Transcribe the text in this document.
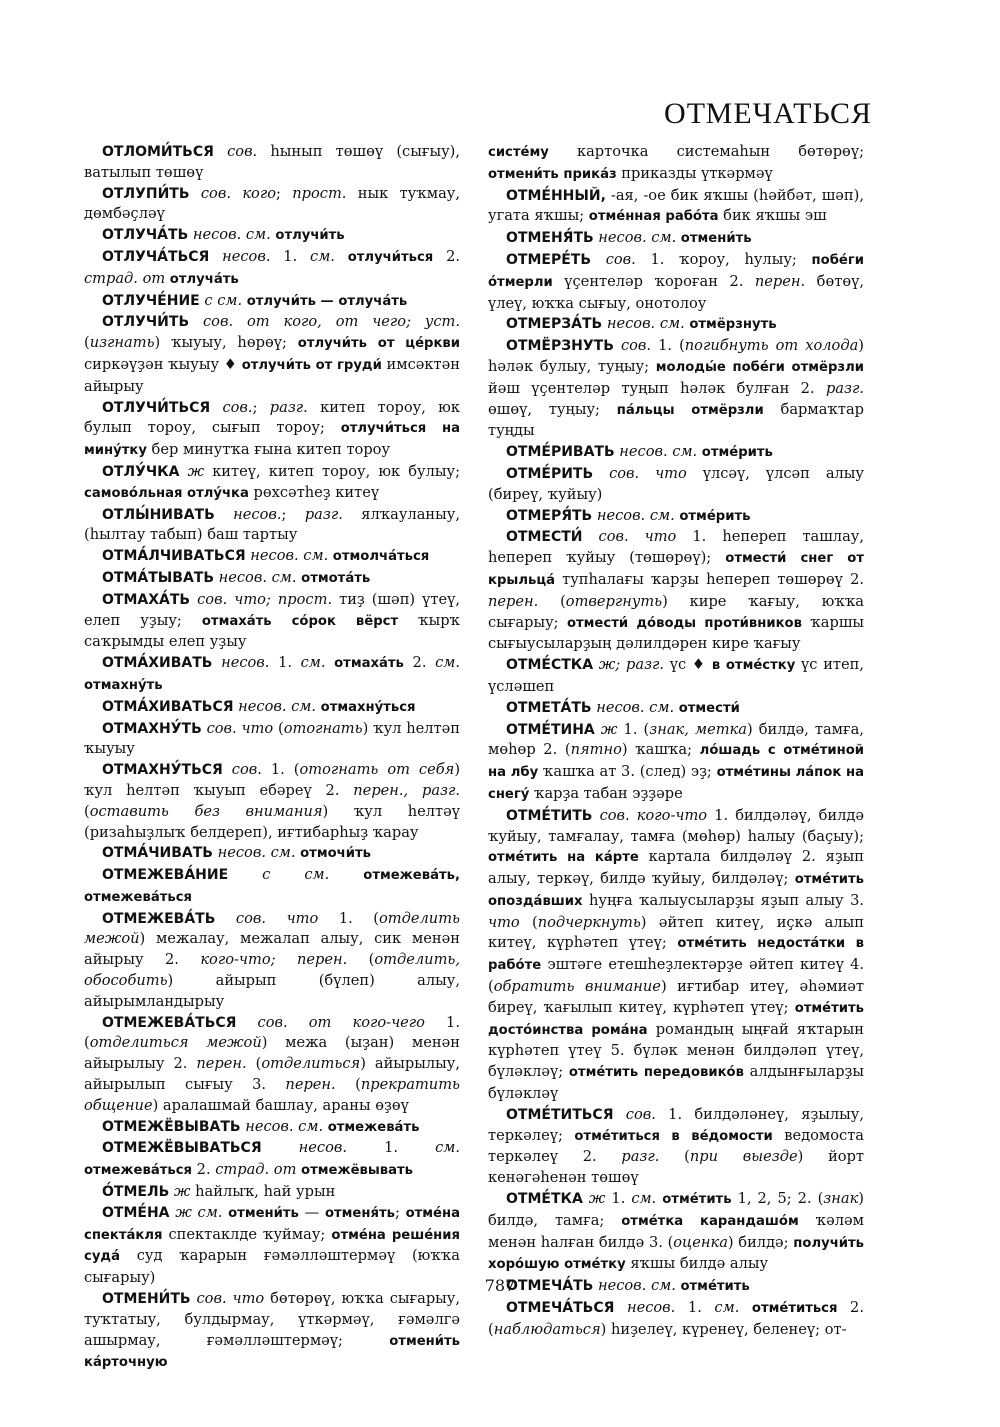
ОТМЕЧАТЬСЯ

ОТЛОМИ́ТЬСЯ сов. һынып төшөү (сығыу), ватылып төшөү

ОТЛУПИ́ТЬ сов. кого; прост. нык туҡмау, дөмбәҫләү

ОТЛУЧА́ТЬ несов. см. отлучи́ть

ОТЛУЧА́ТЬСЯ несов. 1. см. отлучи́ться 2. страд. от отлуча́ть

ОТЛУЧЕ́НИЕ с см. отлучи́ть — отлуча́ть

ОТЛУЧИ́ТЬ сов. от кого, от чего; уст. (изгнать) ҡыуыу, һөрөү; отлучи́ть от це́ркви сиркәүҙән ҡыуыу ♦ отлучи́ть от груди́ имсәктән айырыу

ОТЛУЧИ́ТЬСЯ сов.; разг. китеп тороу, юк булып тороу, сығып тороу; отлучи́ться на мину́тку бер минутҡа ғына китеп тороу

ОТЛУ́ЧКА ж китеү, китеп тороу, юк булыу; самово́льная отлу́чка рөхсәтһеҙ китеү

ОТЛЫ́НИВАТЬ несов.; разг. ялҡауланыу, (һылтау табып) баш тартыу

ОТМА́ЛЧИВАТЬСЯ несов. см. отмолча́ться

ОТМА́ТЫВАТЬ несов. см. отмота́ть

ОТМАХА́ТЬ сов. что; прост. тиҙ (шәп) үтеү, елеп уҙыу; отмаха́ть со́рок вёрст ҡырҡ саҡрымды елеп уҙыу

ОТМА́ХИВАТЬ несов. 1. см. отмаха́ть 2. см. отмахну́ть

ОТМА́ХИВАТЬСЯ несов. см. отмахну́ться

ОТМАХНУ́ТЬ сов. что (отогнать) ҡул һелтәп ҡыуыу

ОТМАХНУ́ТЬСЯ сов. 1. (отогнать от себя) ҡул һелтәп ҡыуып ебәреү 2. перен., разг. (оставить без внимания) ҡул һелтәү (ризаһыҙлыҡ белдереп), иғтибарһыҙ ҡарау

ОТМА́ЧИВАТЬ несов. см. отмочи́ть

ОТМЕЖЕВА́НИЕ с см. отмежева́ть, отмежева́ться

ОТМЕЖЕВА́ТЬ сов. что 1. (отделить межой) межалау, межалап алыу, сик менән айырыу 2. кого-что; перен. (отделить, обособить) айырып (бүлеп) алыу, айырымландырыу

ОТМЕЖЕВА́ТЬСЯ сов. от кого-чего 1. (отделиться межой) межа (ыҙан) менән айырылыу 2. перен. (отделиться) айырылыу, айырылып сығыу 3. перен. (прекратить общение) аралашмай башлау, араны өҙөү

ОТМЕЖЁВЫВАТЬ несов. см. отмежева́ть

ОТМЕЖЁВЫВАТЬСЯ несов. 1. см. отмежева́ться 2. страд. от отмежёвывать

О́ТМЕЛЬ ж һайлыҡ, һай урын

ОТМЕ́НА ж см. отмени́ть — отменя́ть; отме́на спекта́кля спектаклде ҡуймау; отме́на реше́ния суда́ суд ҡарарын ғәмәлләштермәү (юҡҡа сығарыу)

ОТМЕНИ́ТЬ сов. что бөтөрөү, юҡҡа сығарыу, туҡтатыу, булдырмау, үткәрмәү, ғәмәлгә ашырмау, ғәмәлләштермәү; отмени́ть ка́рточную

систе́му карточка системаһын бөтөрөү; отмени́ть прика́з приказды үткәрмәү

ОТМЕ́ННЫЙ, -ая, -ое бик яҡшы (һәйбәт, шәп), угата яҡшы; отме́нная рабо́та бик яҡшы эш

ОТМЕНЯ́ТЬ несов. см. отмени́ть

ОТМЕРЕ́ТЬ сов. 1. ҡороу, һулыу; побе́ги о́тмерли үҫентеләр ҡороған 2. перен. бөтөү, үлеү, юҡҡа сығыу, онотолоу

ОТМЕРЗА́ТЬ несов. см. отмёрзнуть

ОТМЁРЗНУТЬ сов. 1. (погибнуть от холода) һәләк булыу, туңыу; молоды́е побе́ги отмёрзли йәш үҫентеләр туңып һәләк булған 2. разг. өшөү, туңыу; па́льцы отмёрзли бармаҡтар туңды

ОТМЕ́РИВАТЬ несов. см. отме́рить

ОТМЕ́РИТЬ сов. что үлсәү, үлсәп алыу (биреү, ҡуйыу)

ОТМЕРЯ́ТЬ несов. см. отме́рить

ОТМЕСТИ́ сов. что 1. һепереп ташлау, һепереп ҡуйыу (төшөрөү); отмести́ снег от крыльца́ тупһалағы ҡарҙы һепереп төшөрөү 2. перен. (отвергнуть) кире ҡағыу, юҡҡа сығарыу; отмести́ до́воды проти́вников ҡаршы сығыусыларҙың дәлилдәрен кире ҡағыу

ОТМЕ́СТКА ж; разг. үс ♦ в отме́стку үс итеп, үсләшеп

ОТМЕТА́ТЬ несов. см. отмести́

ОТМЕ́ТИНА ж 1. (знак, метка) билдә, тамға, мөһөр 2. (пятно) ҡашҡа; ло́шадь с отме́тиной на лбу ҡашҡа ат 3. (след) эҙ; отме́тины ла́пок на снегу́ ҡарҙа табан эҙҙәре

ОТМЕ́ТИТЬ сов. кого-что 1. билдәләү, билдә ҡуйыу, тамғалау, тамға (мөһөр) һалыу (баҫыу); отме́тить на ка́рте картала билдәләү 2. яҙып алыу, теркәү, билдә ҡуйыу, билдәләү; отме́тить опозда́вших һуңға ҡалыусыларҙы яҙып алыу 3. что (подчеркнуть) әйтеп китеү, иҫкә алып китеү, күрһәтеп үтеү; отме́тить недоста́тки в рабо́те эштәге етешһеҙлектәрҙе әйтеп китеү 4. (обратить внимание) иғтибар итеү, әһәмиәт биреү, ҡағылып китеү, күрһәтеп үтеү; отме́тить досто́инства рома́на романдың ыңғай яҡтарын күрһәтеп үтеү 5. бүләк менән билдәләп үтеү, бүләкләү; отме́тить передовико́в алдынғыларҙы бүләкләү

ОТМЕ́ТИТЬСЯ сов. 1. билдәләнеү, яҙылыу, теркәлеү; отме́титься в ве́домости ведомоста теркәлеү 2. разг. (при выезде) йорт кенәгәһенән төшөү

ОТМЕ́ТКА ж 1. см. отме́тить 1, 2, 5; 2. (знак) билдә, тамға; отме́тка карандашо́м ҡәләм менән һалған билдә 3. (оценка) билдә; получи́ть хоро́шую отме́тку яҡшы билдә алыу

ОТМЕЧА́ТЬ несов. см. отме́тить

ОТМЕЧА́ТЬСЯ несов. 1. см. отме́титься 2. (наблюдаться) һиҙелеү, күренеү, беленеү; от-

787
